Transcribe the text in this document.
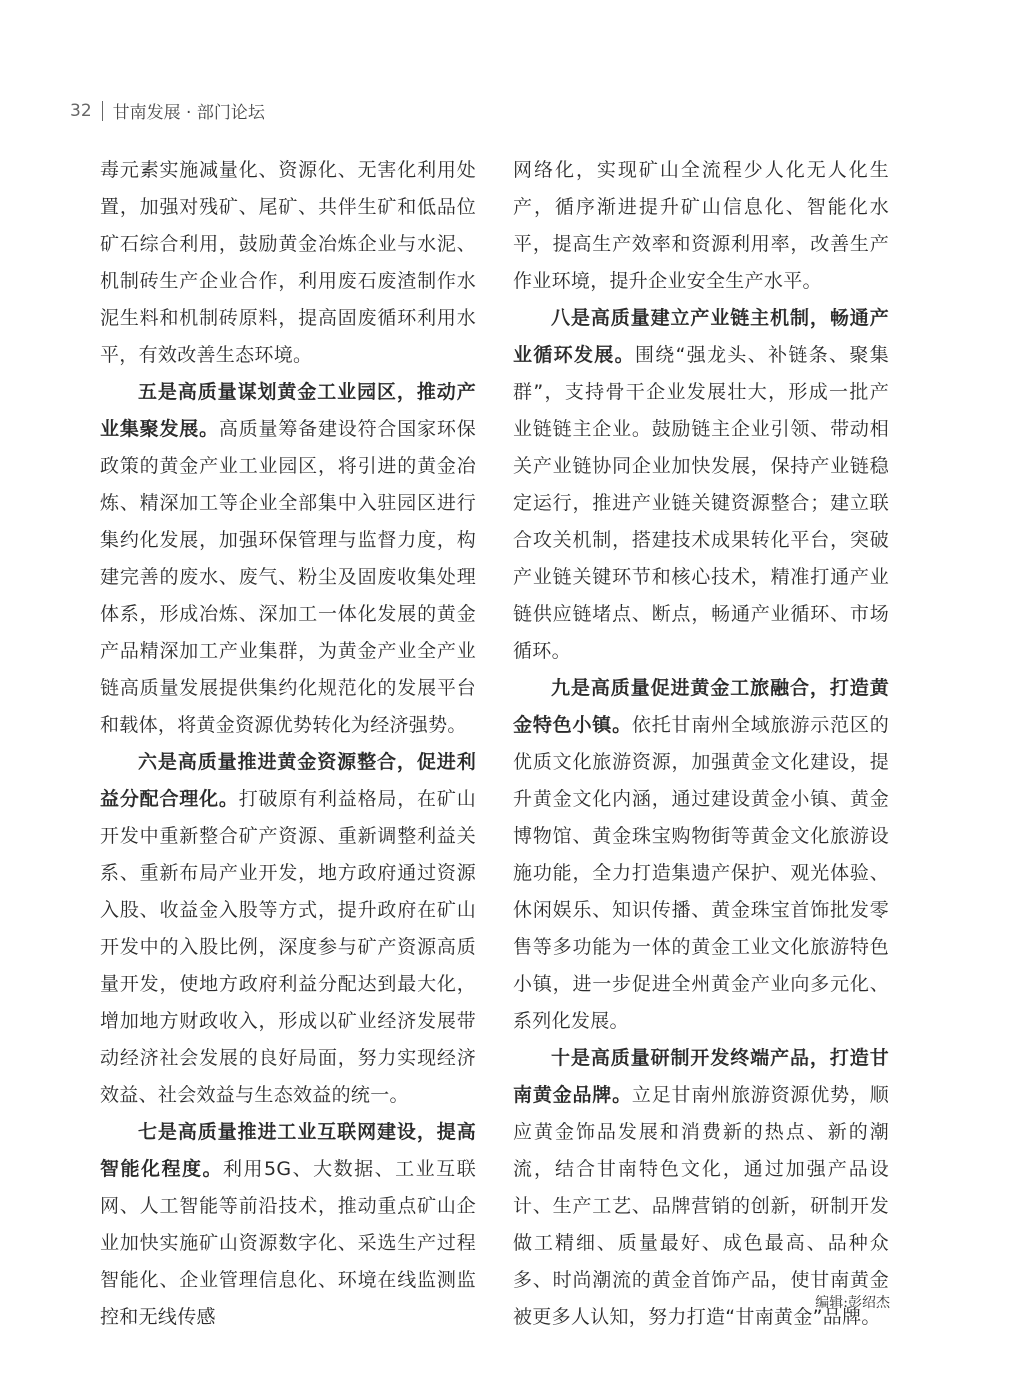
32 甘南发展 · 部门论坛

毒元素实施减量化、资源化、无害化利用处置，加强对残矿、尾矿、共伴生矿和低品位矿石综合利用，鼓励黄金冶炼企业与水泥、机制砖生产企业合作，利用废石废渣制作水泥生料和机制砖原料，提高固废循环利用水平，有效改善生态环境。

五是高质量谋划黄金工业园区，推动产业集聚发展。高质量筹备建设符合国家环保政策的黄金产业工业园区，将引进的黄金冶炼、精深加工等企业全部集中入驻园区进行集约化发展，加强环保管理与监督力度，构建完善的废水、废气、粉尘及固废收集处理体系，形成冶炼、深加工一体化发展的黄金产品精深加工产业集群，为黄金产业全产业链高质量发展提供集约化规范化的发展平台和载体，将黄金资源优势转化为经济强势。

六是高质量推进黄金资源整合，促进利益分配合理化。打破原有利益格局，在矿山开发中重新整合矿产资源、重新调整利益关系、重新布局产业开发，地方政府通过资源入股、收益金入股等方式，提升政府在矿山开发中的入股比例，深度参与矿产资源高质量开发，使地方政府利益分配达到最大化，增加地方财政收入，形成以矿业经济发展带动经济社会发展的良好局面，努力实现经济效益、社会效益与生态效益的统一。

七是高质量推进工业互联网建设，提高智能化程度。利用5G、大数据、工业互联网、人工智能等前沿技术，推动重点矿山企业加快实施矿山资源数字化、采选生产过程智能化、企业管理信息化、环境在线监测监控和无线传感

网络化，实现矿山全流程少人化无人化生产，循序渐进提升矿山信息化、智能化水平，提高生产效率和资源利用率，改善生产作业环境，提升企业安全生产水平。

八是高质量建立产业链主机制，畅通产业循环发展。围绕“强龙头、补链条、聚集群”，支持骨干企业发展壮大，形成一批产业链链主企业。鼓励链主企业引领、带动相关产业链协同企业加快发展，保持产业链稳定运行，推进产业链关键资源整合；建立联合攻关机制，搭建技术成果转化平台，突破产业链关键环节和核心技术，精准打通产业链供应链堵点、断点，畅通产业循环、市场循环。

九是高质量促进黄金工旅融合，打造黄金特色小镇。依托甘南州全域旅游示范区的优质文化旅游资源，加强黄金文化建设，提升黄金文化内涵，通过建设黄金小镇、黄金博物馆、黄金珠宝购物街等黄金文化旅游设施功能，全力打造集遗产保护、观光体验、休闲娱乐、知识传播、黄金珠宝首饰批发零售等多功能为一体的黄金工业文化旅游特色小镇，进一步促进全州黄金产业向多元化、系列化发展。

十是高质量研制开发终端产品，打造甘南黄金品牌。立足甘南州旅游资源优势，顺应黄金饰品发展和消费新的热点、新的潮流，结合甘南特色文化，通过加强产品设计、生产工艺、品牌营销的创新，研制开发做工精细、质量最好、成色最高、品种众多、时尚潮流的黄金首饰产品，使甘南黄金被更多人认知，努力打造“甘南黄金”品牌。

编辑:彭绍杰
